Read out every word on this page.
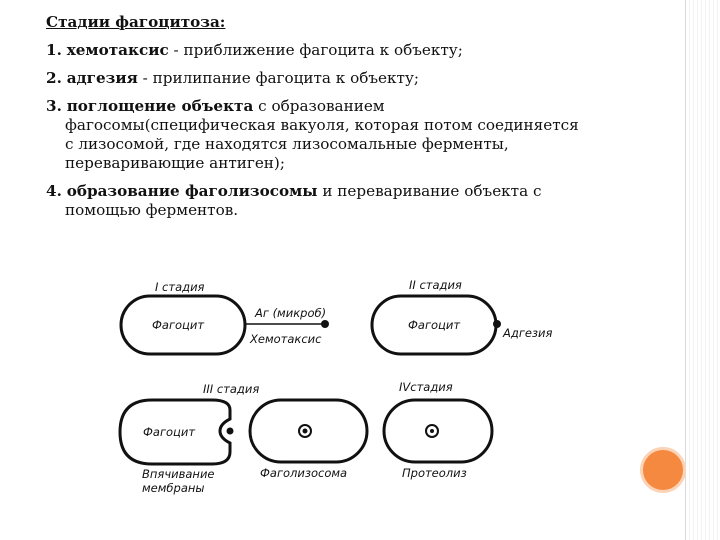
Стадии фагоцитоза:
1. хемотаксис - приближение фагоцита к объекту;
2. адгезия - прилипание фагоцита к объекту;
3. поглощение объекта с образованием
фагосомы(специфическая вакуоля, которая потом соединяется
с лизосомой, где находятся лизосомальные ферменты,
переваривающие антиген);
4. образование фаголизосомы и переваривание объекта с
помощью ферментов.
I стадия
Фагоцит
Аг (микроб)
Хемотаксис
II стадия
Фагоцит
Адгезия
III стадия
Фагоцит
Впячивание
мембраны
Фаголизосома
IVстадия
Протеолиз
